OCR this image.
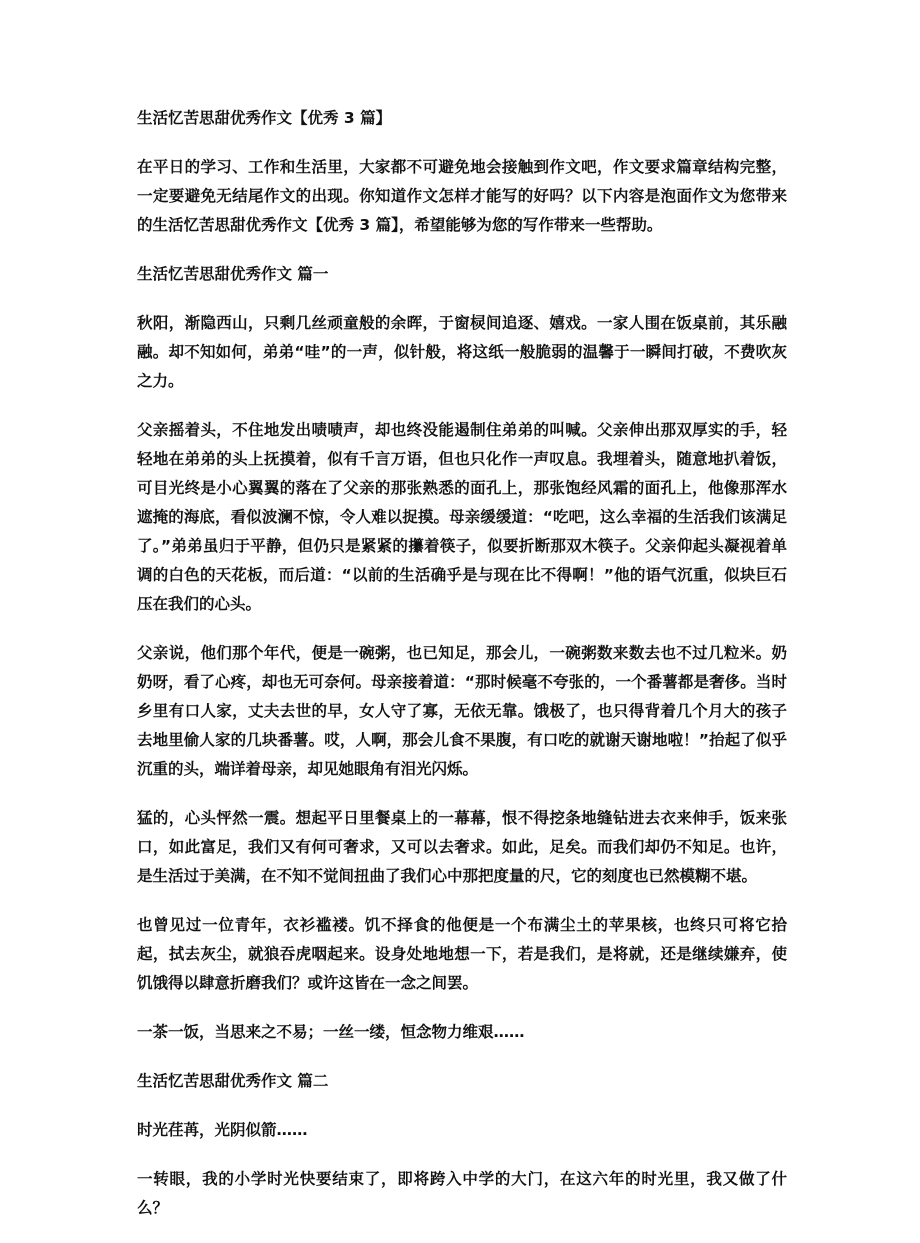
生活忆苦思甜优秀作文【优秀 3 篇】

在平日的学习、工作和生活里，大家都不可避免地会接触到作文吧，作文要求篇章结构完整，一定要避免无结尾作文的出现。你知道作文怎样才能写的好吗？以下内容是泡面作文为您带来的生活忆苦思甜优秀作文【优秀 3 篇】，希望能够为您的写作带来一些帮助。

生活忆苦思甜优秀作文 篇一

秋阳，渐隐西山，只剩几丝顽童般的余晖，于窗棂间追逐、嬉戏。一家人围在饭桌前，其乐融融。却不知如何，弟弟“哇”的一声，似针般，将这纸一般脆弱的温馨于一瞬间打破，不费吹灰之力。

父亲摇着头，不住地发出啧啧声，却也终没能遏制住弟弟的叫喊。父亲伸出那双厚实的手，轻轻地在弟弟的头上抚摸着，似有千言万语，但也只化作一声叹息。我埋着头，随意地扒着饭，可目光终是小心翼翼的落在了父亲的那张熟悉的面孔上，那张饱经风霜的面孔上，他像那浑水遮掩的海底，看似波澜不惊，令人难以捉摸。母亲缓缓道：“吃吧，这么幸福的生活我们该满足了。”弟弟虽归于平静，但仍只是紧紧的攥着筷子，似要折断那双木筷子。父亲仰起头凝视着单调的白色的天花板，而后道：“以前的生活确乎是与现在比不得啊！”他的语气沉重，似块巨石压在我们的心头。

父亲说，他们那个年代，便是一碗粥，也已知足，那会儿，一碗粥数来数去也不过几粒米。奶奶呀，看了心疼，却也无可奈何。母亲接着道：“那时候毫不夸张的，一个番薯都是奢侈。当时乡里有口人家，丈夫去世的早，女人守了寡，无依无靠。饿极了，也只得背着几个月大的孩子去地里偷人家的几块番薯。哎，人啊，那会儿食不果腹，有口吃的就谢天谢地啦！”抬起了似乎沉重的头，端详着母亲，却见她眼角有泪光闪烁。

猛的，心头怦然一震。想起平日里餐桌上的一幕幕，恨不得挖条地缝钻进去衣来伸手，饭来张口，如此富足，我们又有何可奢求，又可以去奢求。如此，足矣。而我们却仍不知足。也许，是生活过于美满，在不知不觉间扭曲了我们心中那把度量的尺，它的刻度也已然模糊不堪。

也曾见过一位青年，衣衫褴褛。饥不择食的他便是一个布满尘土的苹果核，也终只可将它拾起，拭去灰尘，就狼吞虎咽起来。设身处地地想一下，若是我们，是将就，还是继续嫌弃，使饥饿得以肆意折磨我们？或许这皆在一念之间罢。

一茶一饭，当思来之不易；一丝一缕，恒念物力维艰……

生活忆苦思甜优秀作文 篇二

时光荏苒，光阴似箭……

一转眼，我的小学时光快要结束了，即将跨入中学的大门，在这六年的时光里，我又做了什么？
